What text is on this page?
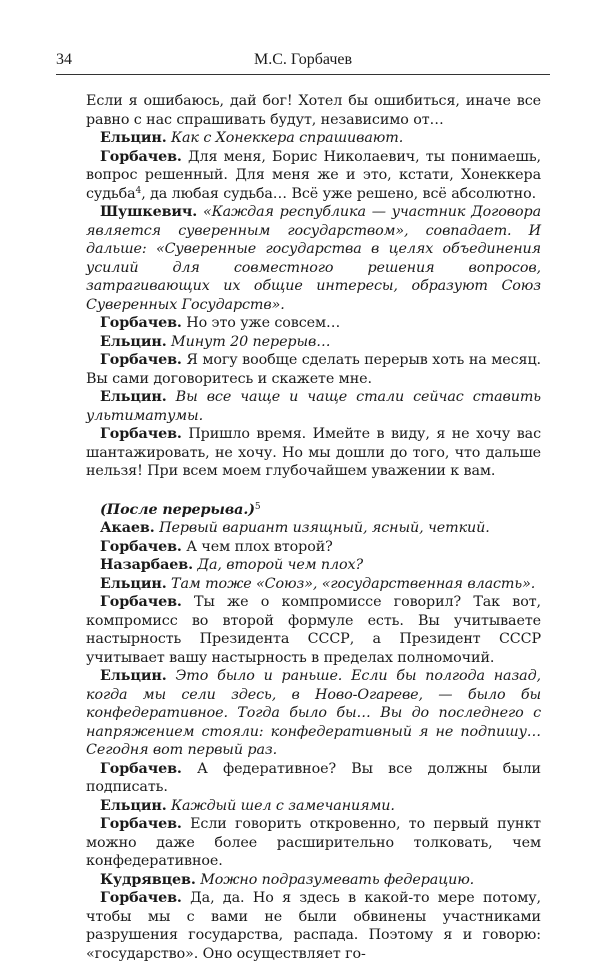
34	М.С. Горбачев

Если я ошибаюсь, дай бог! Хотел бы ошибиться, иначе все равно с нас спрашивать будут, независимо от…

Ельцин. Как с Хонеккера спрашивают.

Горбачев. Для меня, Борис Николаевич, ты понимаешь, вопрос решенный. Для меня же и это, кстати, Хонеккера судьба$^4$, да любая судьба… Всё уже решено, всё абсолютно.

Шушкевич. «Каждая республика — участник Договора является суверенным государством», совпадает. И дальше: «Суверенные государства в целях объединения усилий для совместного решения вопросов, затрагивающих их общие интересы, образуют Союз Суверенных Государств».

Горбачев. Но это уже совсем…

Ельцин. Минут 20 перерыв…

Горбачев. Я могу вообще сделать перерыв хоть на месяц. Вы сами договоритесь и скажете мне.

Ельцин. Вы все чаще и чаще стали сейчас ставить ультиматумы.

Горбачев. Пришло время. Имейте в виду, я не хочу вас шантажировать, не хочу. Но мы дошли до того, что дальше нельзя! При всем моем глубочайшем уважении к вам.

(После перерыва.)$^5$

Акаев. Первый вариант изящный, ясный, четкий.

Горбачев. А чем плох второй?

Назарбаев. Да, второй чем плох?

Ельцин. Там тоже «Союз», «государственная власть».

Горбачев. Ты же о компромиссе говорил? Так вот, компромисс во второй формуле есть. Вы учитываете настырность Президента СССР, а Президент СССР учитывает вашу настырность в пределах полномочий.

Ельцин. Это было и раньше. Если бы полгода назад, когда мы сели здесь, в Ново-Огареве, — было бы конфедеративное. Тогда было бы… Вы до последнего с напряжением стояли: конфедеративный я не подпишу… Сегодня вот первый раз.

Горбачев. А федеративное? Вы все должны были подписать.

Ельцин. Каждый шел с замечаниями.

Горбачев. Если говорить откровенно, то первый пункт можно даже более расширительно толковать, чем конфедеративное.

Кудрявцев. Можно подразумевать федерацию.

Горбачев. Да, да. Но я здесь в какой-то мере потому, чтобы мы с вами не были обвинены участниками разрушения государства, распада. Поэтому я и говорю: «государство». Оно осуществляет го-
